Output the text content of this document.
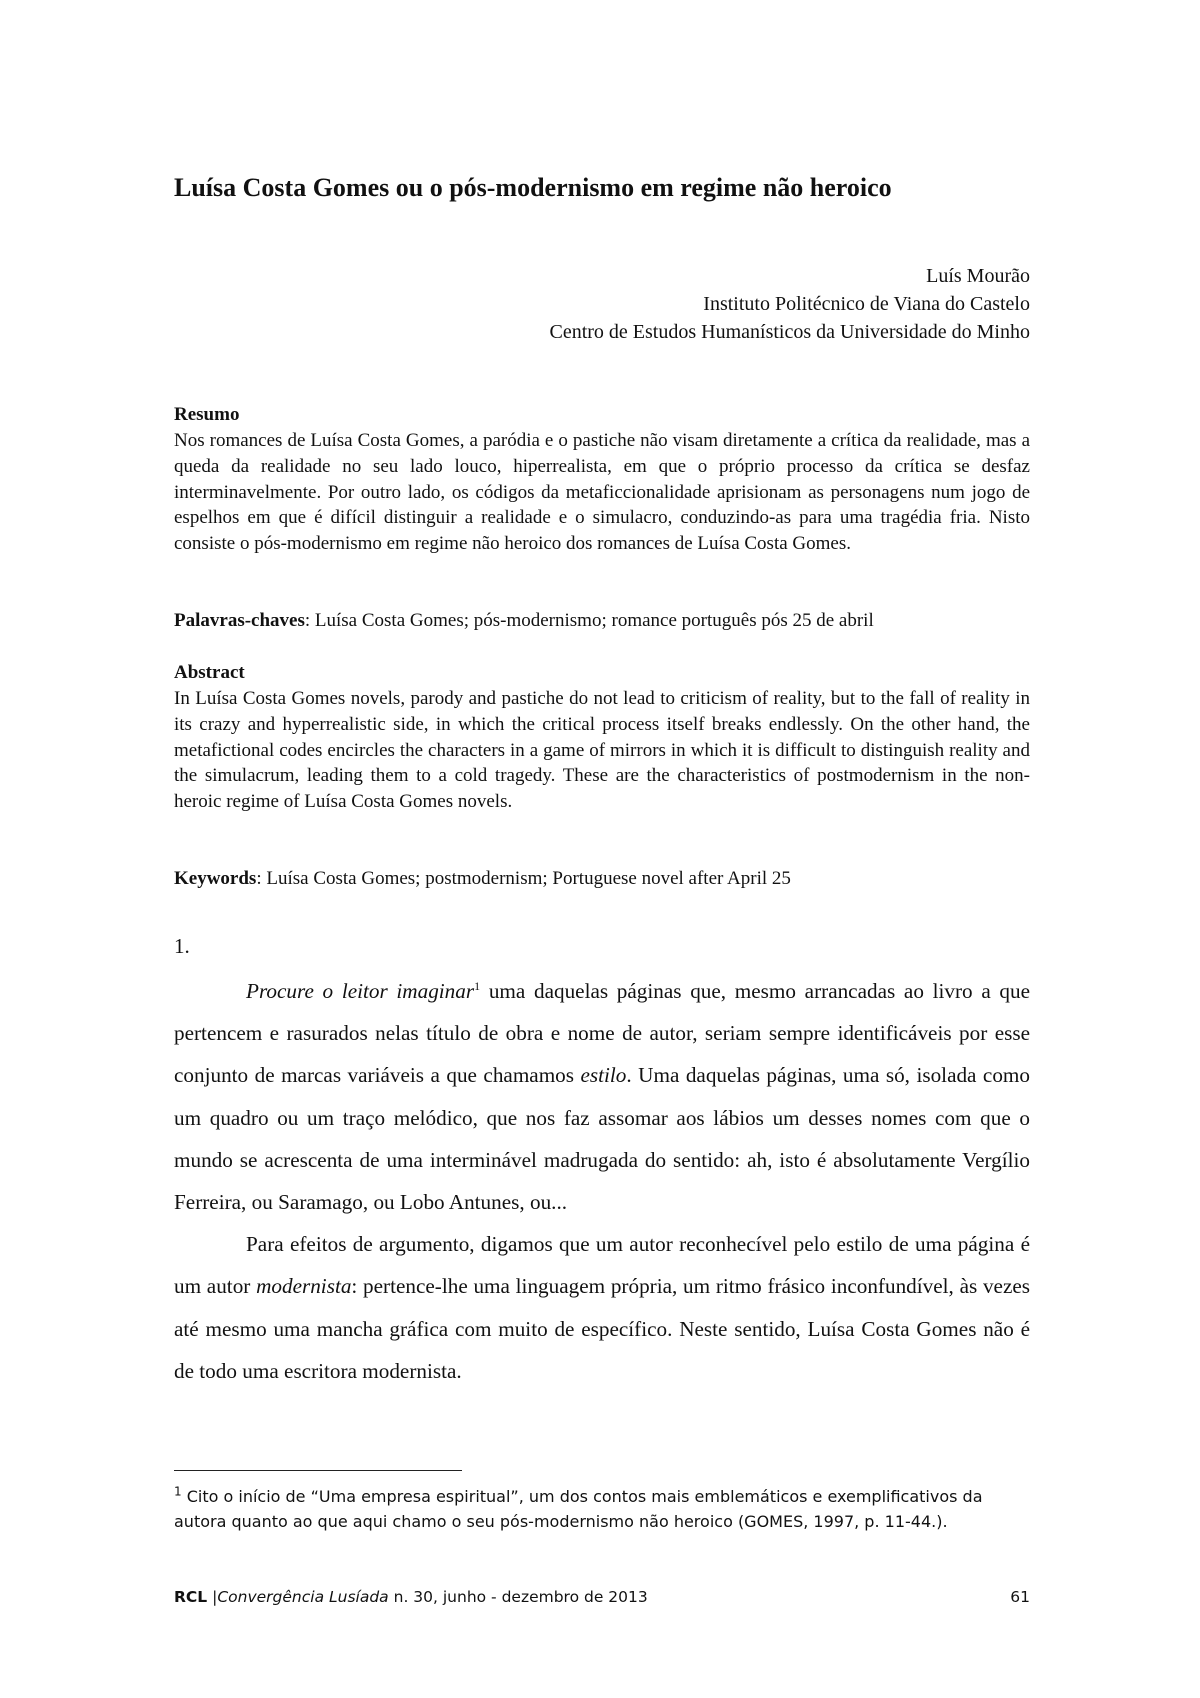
Luísa Costa Gomes ou o pós-modernismo em regime não heroico
Luís Mourão
Instituto Politécnico de Viana do Castelo
Centro de Estudos Humanísticos da Universidade do Minho

Resumo

Nos romances de Luísa Costa Gomes, a paródia e o pastiche não visam diretamente a crítica da realidade, mas a queda da realidade no seu lado louco, hiperrealista, em que o próprio processo da crítica se desfaz interminavelmente. Por outro lado, os códigos da metaficcionalidade aprisionam as personagens num jogo de espelhos em que é difícil distinguir a realidade e o simulacro, conduzindo-as para uma tragédia fria. Nisto consiste o pós-modernismo em regime não heroico dos romances de Luísa Costa Gomes.

Palavras-chaves: Luísa Costa Gomes; pós-modernismo; romance português pós 25 de abril

Abstract

In Luísa Costa Gomes novels, parody and pastiche do not lead to criticism of reality, but to the fall of reality in its crazy and hyperrealistic side, in which the critical process itself breaks endlessly. On the other hand, the metafictional codes encircles the characters in a game of mirrors in which it is difficult to distinguish reality and the simulacrum, leading them to a cold tragedy. These are the characteristics of postmodernism in the non-heroic regime of Luísa Costa Gomes novels.

Keywords: Luísa Costa Gomes; postmodernism; Portuguese novel after April 25

1.

Procure o leitor imaginar$^1$ uma daquelas páginas que, mesmo arrancadas ao livro a que pertencem e rasurados nelas título de obra e nome de autor, seriam sempre identificáveis por esse conjunto de marcas variáveis a que chamamos estilo. Uma daquelas páginas, uma só, isolada como um quadro ou um traço melódico, que nos faz assomar aos lábios um desses nomes com que o mundo se acrescenta de uma interminável madrugada do sentido: ah, isto é absolutamente Vergílio Ferreira, ou Saramago, ou Lobo Antunes, ou...

Para efeitos de argumento, digamos que um autor reconhecível pelo estilo de uma página é um autor modernista: pertence-lhe uma linguagem própria, um ritmo frásico inconfundível, às vezes até mesmo uma mancha gráfica com muito de específico. Neste sentido, Luísa Costa Gomes não é de todo uma escritora modernista.

$^1$ Cito o início de “Uma empresa espiritual”, um dos contos mais emblemáticos e exemplificativos da autora quanto ao que aqui chamo o seu pós-modernismo não heroico (GOMES, 1997, p. 11-44.).

RCL |Convergência Lusíada n. 30, junho - dezembro de 2013	61
